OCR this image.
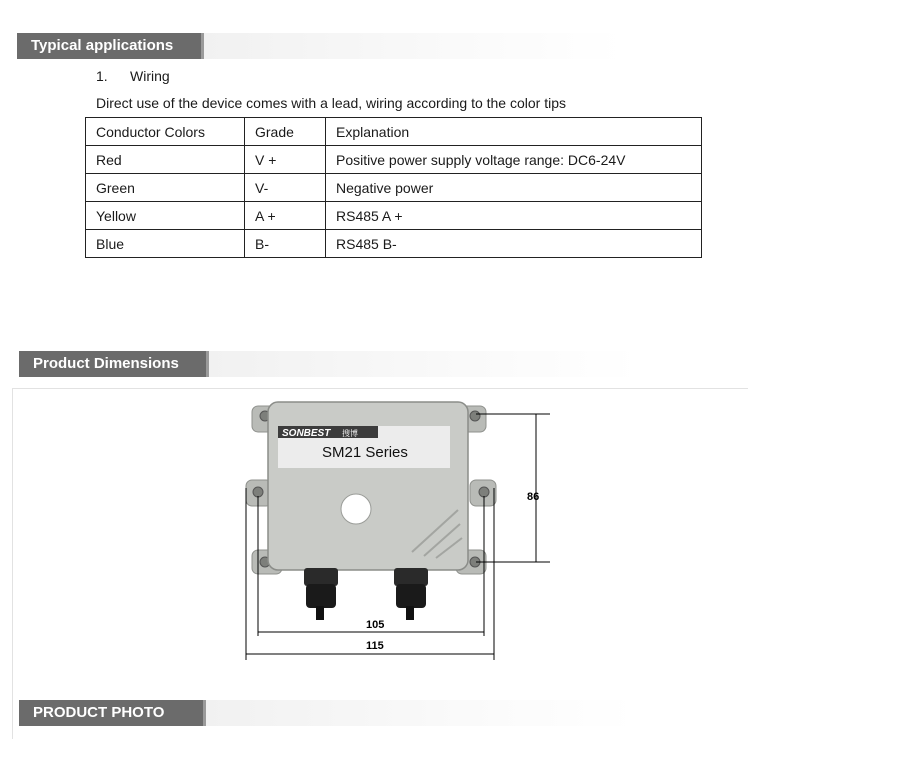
Typical applications
1. Wiring
Direct use of the device comes with a lead, wiring according to the color tips
Conductor Colors	Grade	Explanation
Red	V +	Positive power supply voltage range: DC6-24V
Green	V-	Negative power
Yellow	A +	RS485 A +
Blue	B-	RS485 B-
Product Dimensions
SONBEST 搜博
SM21 Series
86
105
115
PRODUCT PHOTO
